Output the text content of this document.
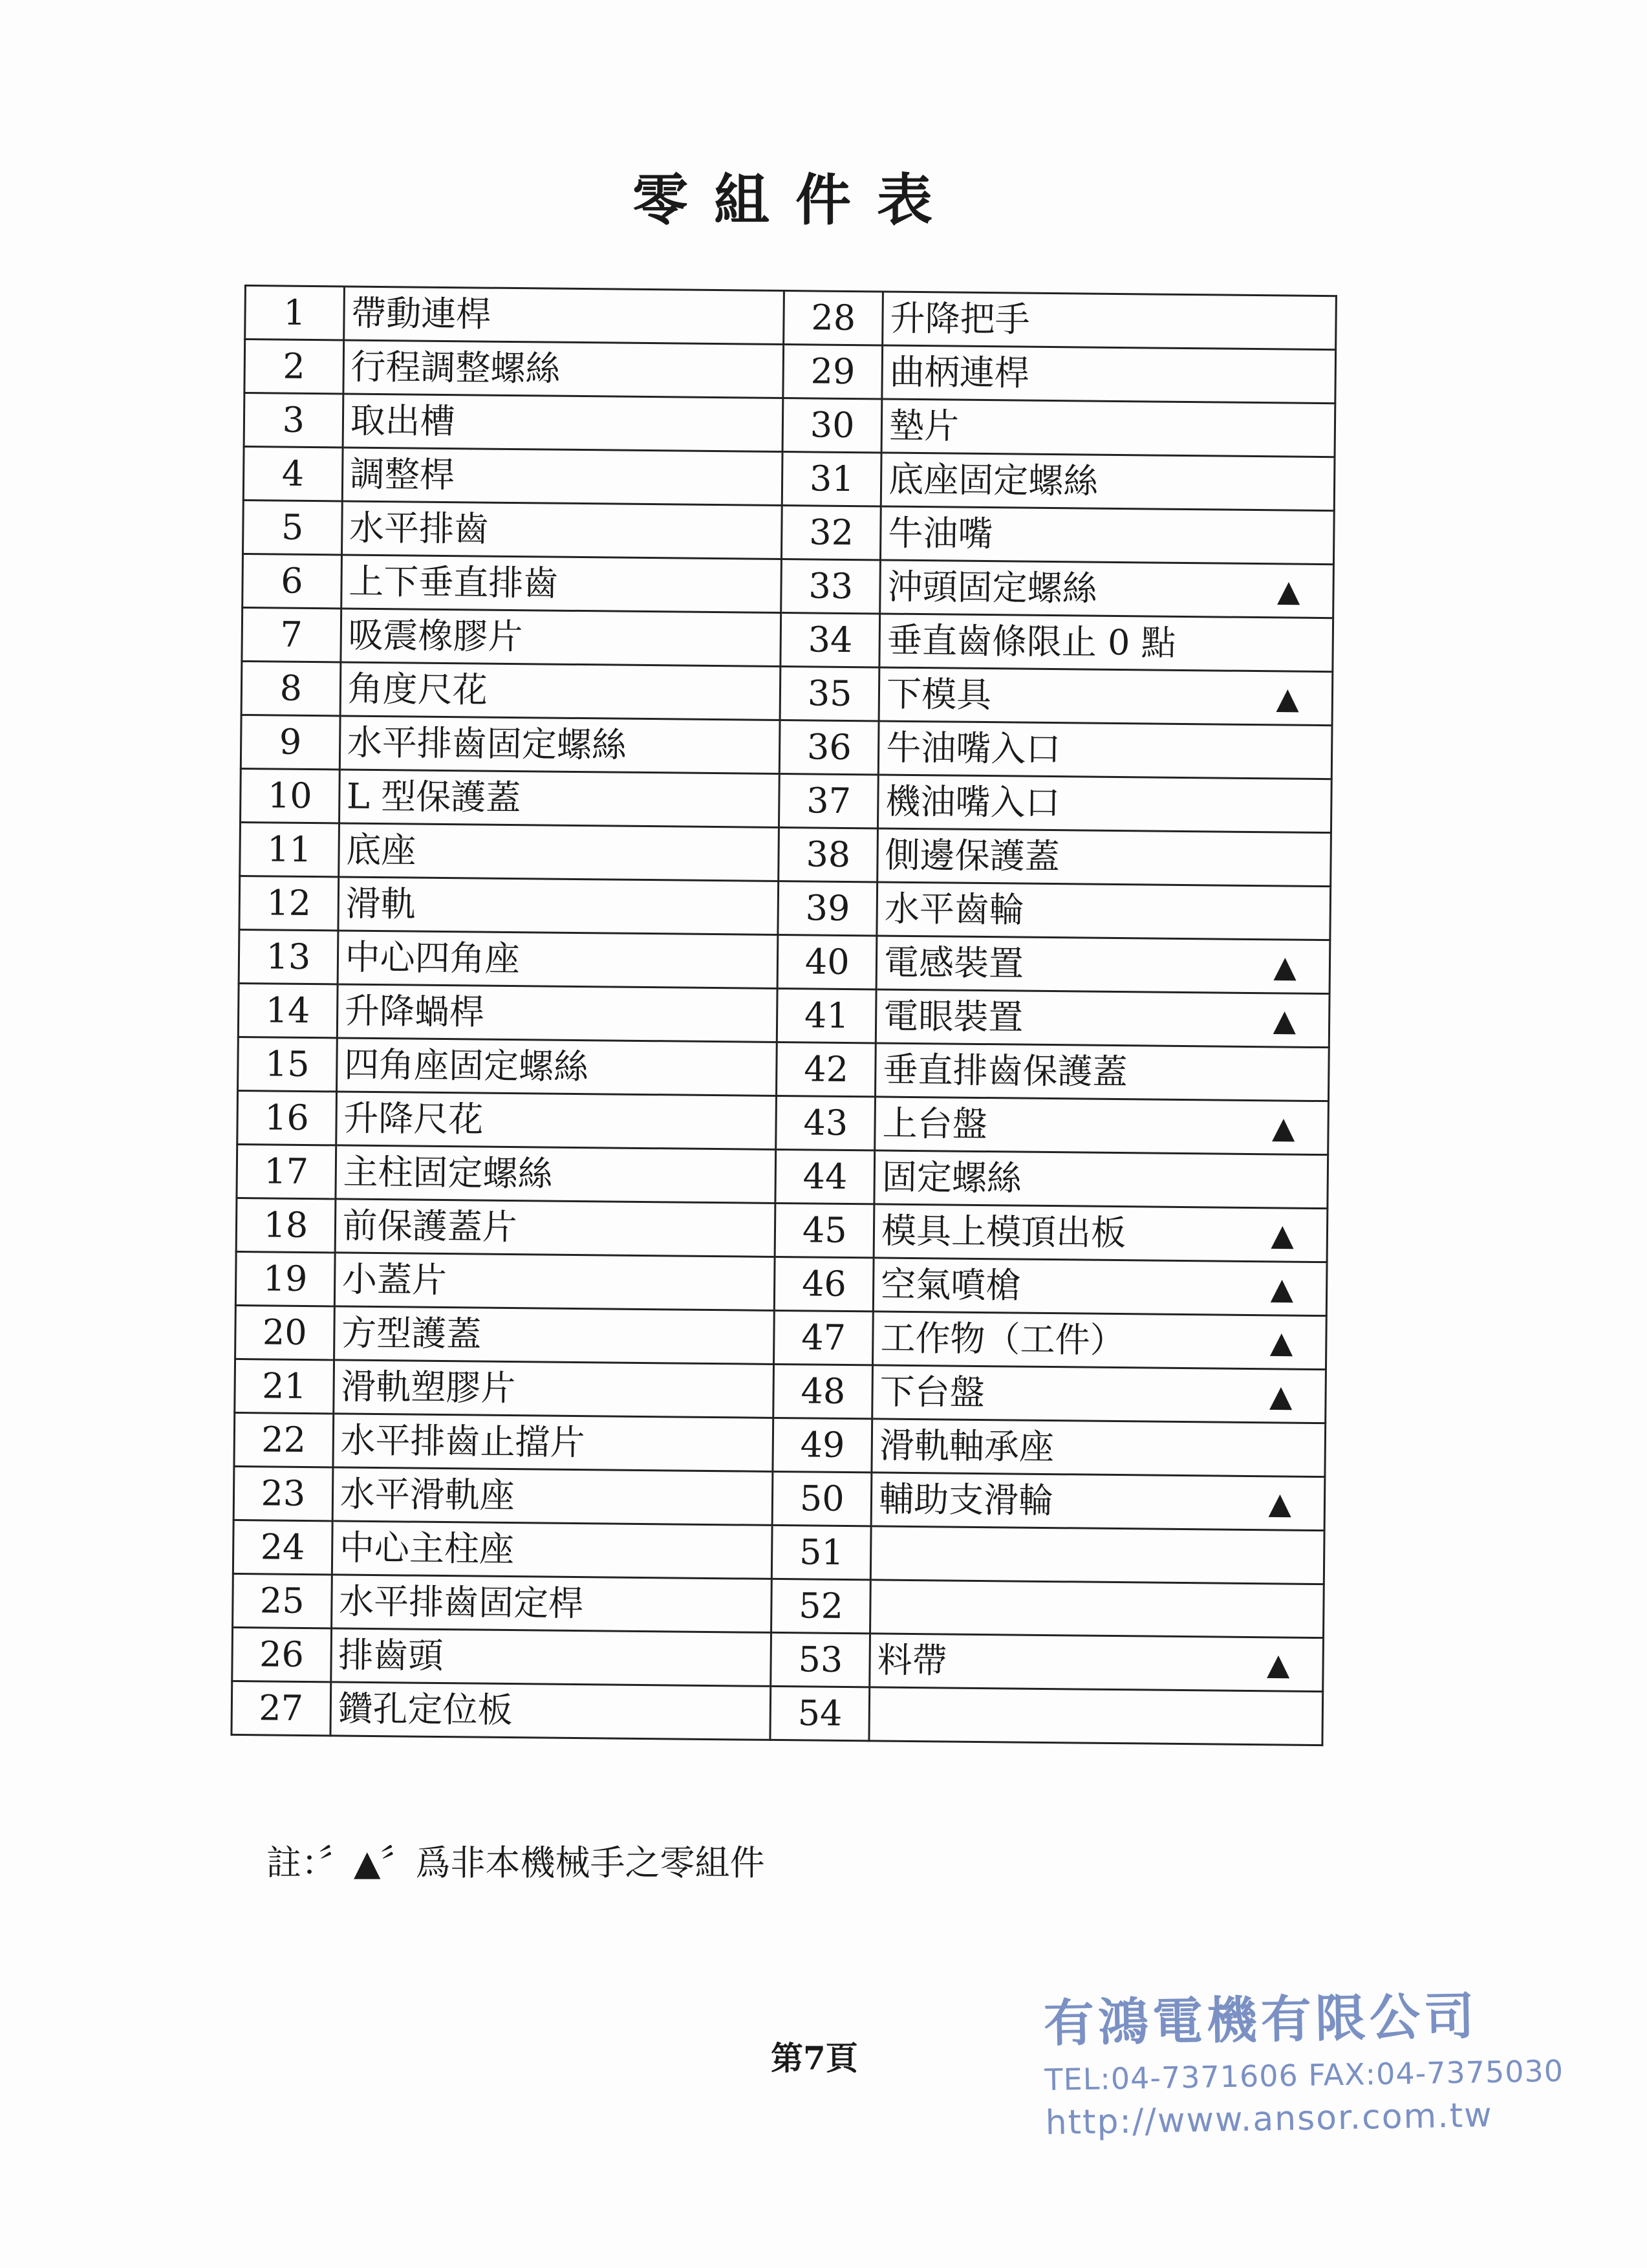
零組件表
1	帶動連桿	28	升降把手
2	行程調整螺絲	29	曲柄連桿
3	取出槽	30	墊片
4	調整桿	31	底座固定螺絲
5	水平排齒	32	牛油嘴
6	上下垂直排齒	33	沖頭固定螺絲 ▲

7	吸震橡膠片	34	垂直齒條限止 0 點
8	角度尺花	35	下模具 ▲

9	水平排齒固定螺絲	36	牛油嘴入口
10	L 型保護蓋	37	機油嘴入口
11	底座	38	側邊保護蓋
12	滑軌	39	水平齒輪
13	中心四角座	40	電感裝置 ▲

14	升降蝸桿	41	電眼裝置 ▲

15	四角座固定螺絲	42	垂直排齒保護蓋
16	升降尺花	43	上台盤 ▲

17	主柱固定螺絲	44	固定螺絲
18	前保護蓋片	45	模具上模頂出板 ▲

19	小蓋片	46	空氣噴槍 ▲

20	方型護蓋	47	工作物（工件） ▲

21	滑軌塑膠片	48	下台盤 ▲

22	水平排齒止擋片	49	滑軌軸承座
23	水平滑軌座	50	輔助支滑輪 ▲

24	中心主柱座	51	
25	水平排齒固定桿	52	
26	排齒頭	53	料帶 ▲

27	鑽孔定位板	54	
註：〞▲〞爲非本機械手之零組件
第7頁
有鴻電機有限公司
TEL:04-7371606 FAX:04-7375030
http://www.ansor.com.tw
